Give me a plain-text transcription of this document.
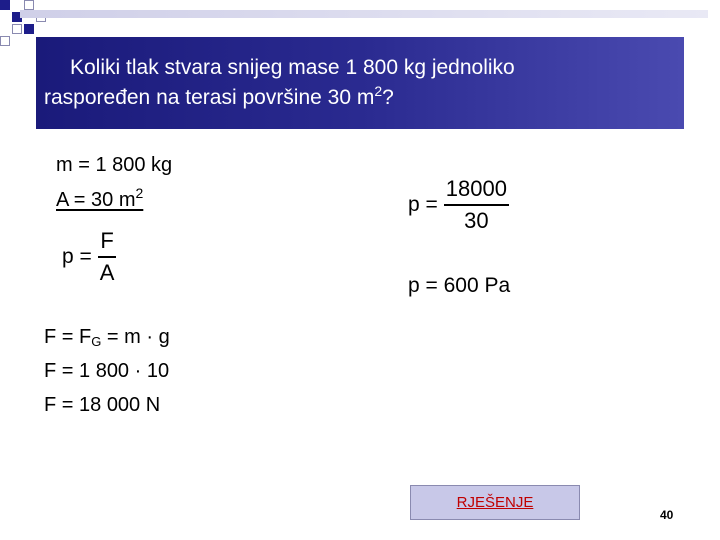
Koliki tlak stvara snijeg mase 1 800 kg jednoliko
raspoređen na terasi površine 30 $m^2$?
m = 1 800 kg
A = 30 $m^2$
$p = \frac{F}{A}$
$F = F_G = m \cdot g$
F = 1 800 · 10
F = 18 000 N
$p = \frac{18000}{30}$
p = 600 Pa
RJEŠENJE
40
